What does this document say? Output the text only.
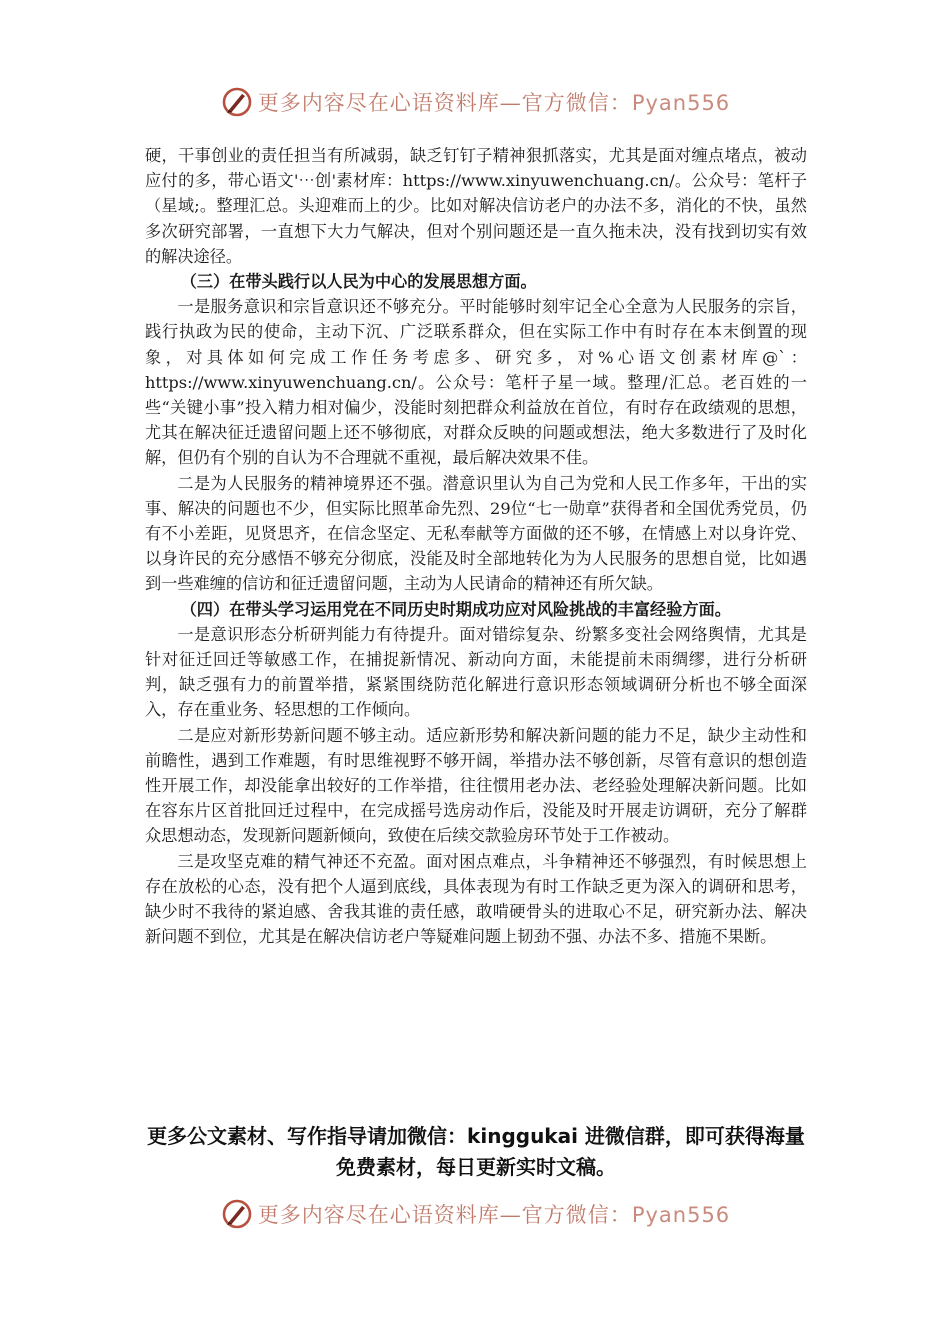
更多内容尽在心语资料库—官方微信：Pyan556

硬，干事创业的责任担当有所减弱，缺乏钉钉子精神狠抓落实，尤其是面对缠点堵点，被动应付的多，带心语文'⋯创'素材库：https://www.xinyuwenchuang.cn/。公众号：笔杆子（星域;。整理汇总。头迎难而上的少。比如对解决信访老户的办法不多，消化的不快，虽然多次研究部署，一直想下大力气解决，但对个别问题还是一直久拖未决，没有找到切实有效的解决途径。

（三）在带头践行以人民为中心的发展思想方面。

一是服务意识和宗旨意识还不够充分。平时能够时刻牢记全心全意为人民服务的宗旨，践行执政为民的使命，主动下沉、广泛联系群众，但在实际工作中有时存在本末倒置的现象，对具体如何完成工作任务考虑多、研究多，对%心语文创素材库@`：https://www.xinyuwenchuang.cn/。公众号：笔杆子星一域。整理/汇总。老百姓的一些“关键小事”投入精力相对偏少，没能时刻把群众利益放在首位，有时存在政绩观的思想，尤其在解决征迁遗留问题上还不够彻底，对群众反映的问题或想法，绝大多数进行了及时化解，但仍有个别的自认为不合理就不重视，最后解决效果不佳。

二是为人民服务的精神境界还不强。潜意识里认为自己为党和人民工作多年，干出的实事、解决的问题也不少，但实际比照革命先烈、29位“七一勋章”获得者和全国优秀党员，仍有不小差距，见贤思齐，在信念坚定、无私奉献等方面做的还不够，在情感上对以身许党、以身许民的充分感悟不够充分彻底，没能及时全部地转化为为人民服务的思想自觉，比如遇到一些难缠的信访和征迁遗留问题，主动为人民请命的精神还有所欠缺。

（四）在带头学习运用党在不同历史时期成功应对风险挑战的丰富经验方面。

一是意识形态分析研判能力有待提升。面对错综复杂、纷繁多变社会网络舆情，尤其是针对征迁回迁等敏感工作，在捕捉新情况、新动向方面，未能提前未雨绸缪，进行分析研判，缺乏强有力的前置举措，紧紧围绕防范化解进行意识形态领域调研分析也不够全面深入，存在重业务、轻思想的工作倾向。

二是应对新形势新问题不够主动。适应新形势和解决新问题的能力不足，缺少主动性和前瞻性，遇到工作难题，有时思维视野不够开阔，举措办法不够创新，尽管有意识的想创造性开展工作，却没能拿出较好的工作举措，往往惯用老办法、老经验处理解决新问题。比如在容东片区首批回迁过程中，在完成摇号选房动作后，没能及时开展走访调研，充分了解群众思想动态，发现新问题新倾向，致使在后续交款验房环节处于工作被动。

三是攻坚克难的精气神还不充盈。面对困点难点，斗争精神还不够强烈，有时候思想上存在放松的心态，没有把个人逼到底线，具体表现为有时工作缺乏更为深入的调研和思考，缺少时不我待的紧迫感、舍我其谁的责任感，敢啃硬骨头的进取心不足，研究新办法、解决新问题不到位，尤其是在解决信访老户等疑难问题上韧劲不强、办法不多、措施不果断。

更多公文素材、写作指导请加微信：kinggukai 进微信群，即可获得海量免费素材，每日更新实时文稿。
更多内容尽在心语资料库—官方微信：Pyan556
